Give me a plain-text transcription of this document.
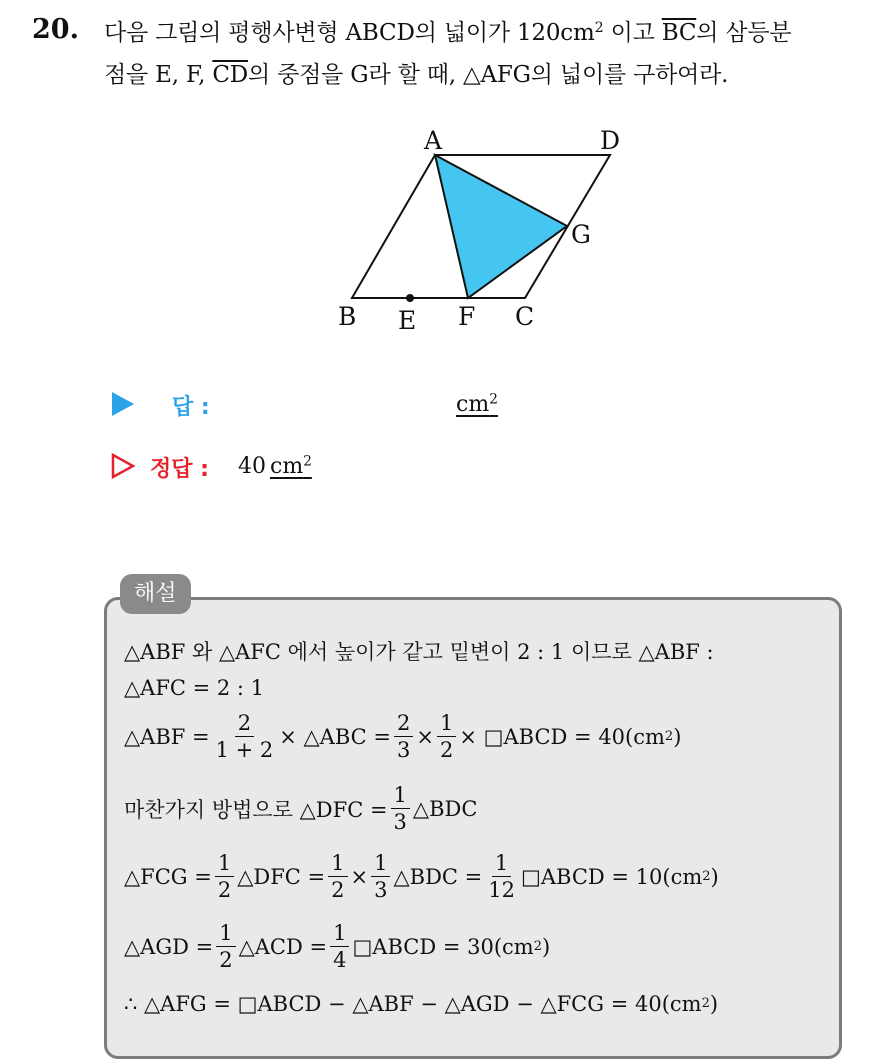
20. 다음 그림의 평행사변형 ABCD의 넓이가 $120cm^2$ 이고 $\overline{BC}$의 삼등분
점을 E, F, $\overline{CD}$의 중점을 G라 할 때, △AFG의 넓이를 구하여라.
A	D
G
B E F C
답 :	$cm^2$
정답 : 40 $cm^2$
해설
△ABF 와 △AFC 에서 높이가 같고 밑변이 2 : 1 이므로 △ABF :
△AFC = 2 : 1
△ABF = $\frac{2}{1 + 2}$ × △ABC = $\frac{2}{3} \times \frac{1}{2}$ × □ABCD = 40(cm 2 )
마찬가지 방법으로 △DFC = $\frac{1}{3}$ △BDC
△FCG = $\frac{1}{2}$ △DFC = $\frac{1}{2} \times \frac{1}{3}$ △BDC = $\frac{1}{12}$ □ABCD = 10(cm 2 )
△AGD = $\frac{1}{2}$ △ACD = $\frac{1}{4}$ □ABCD = 30(cm 2 )
∴ △AFG = □ABCD − △ABF − △AGD − △FCG = 40(cm 2 )
